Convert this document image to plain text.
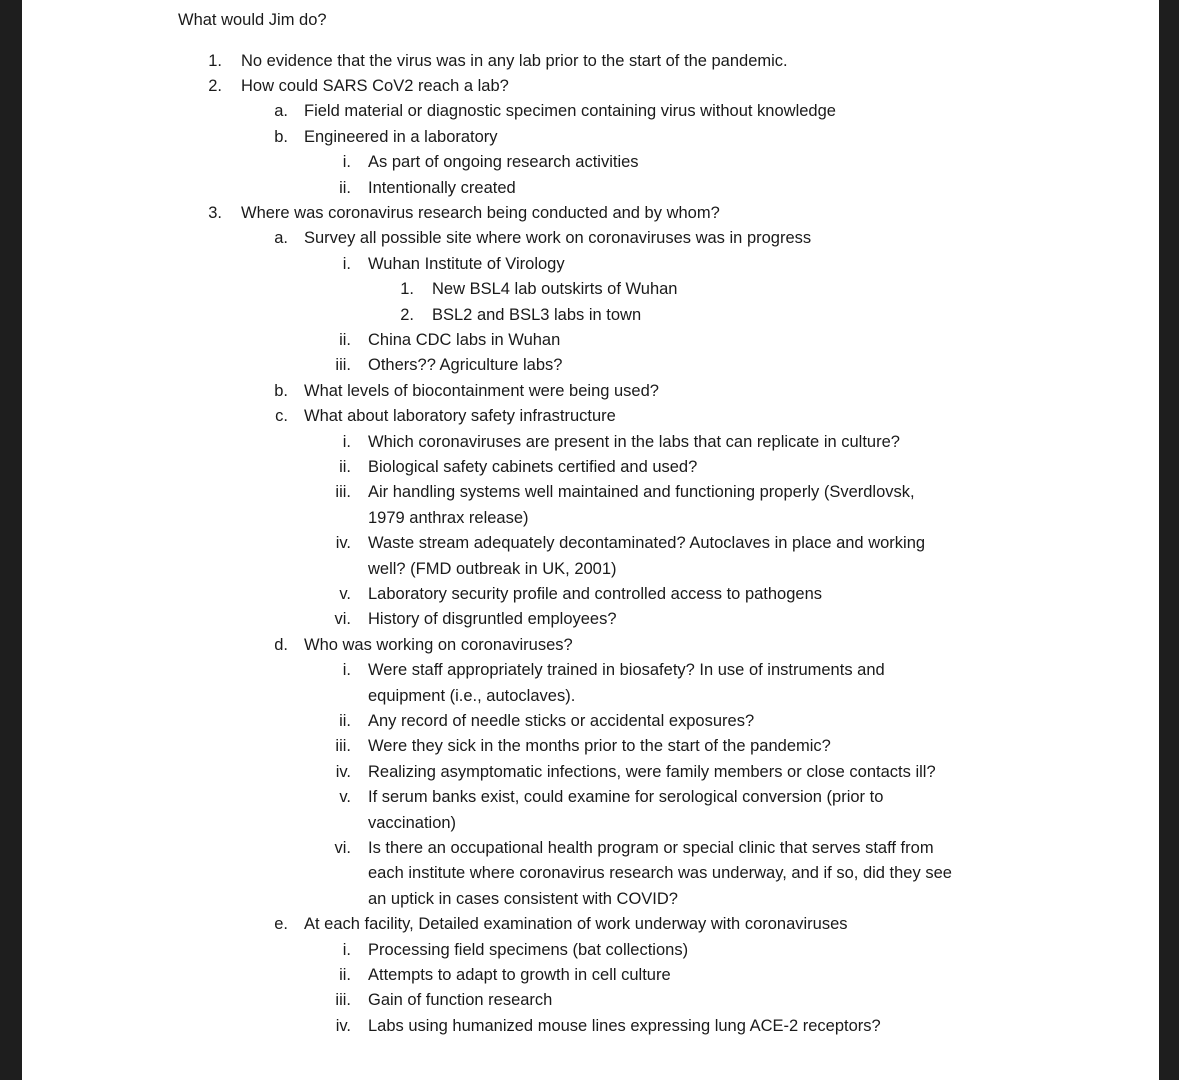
What would Jim do?
1. No evidence that the virus was in any lab prior to the start of the pandemic.
2. How could SARS CoV2 reach a lab?
a. Field material or diagnostic specimen containing virus without knowledge
b. Engineered in a laboratory
i. As part of ongoing research activities
ii. Intentionally created
3. Where was coronavirus research being conducted and by whom?
a. Survey all possible site where work on coronaviruses was in progress
i. Wuhan Institute of Virology
1. New BSL4 lab outskirts of Wuhan
2. BSL2 and BSL3 labs in town
ii. China CDC labs in Wuhan
iii. Others?? Agriculture labs?
b. What levels of biocontainment were being used?
c. What about laboratory safety infrastructure
i. Which coronaviruses are present in the labs that can replicate in culture?
ii. Biological safety cabinets certified and used?
iii. Air handling systems well maintained and functioning properly (Sverdlovsk,
1979 anthrax release)
iv. Waste stream adequately decontaminated? Autoclaves in place and working
well? (FMD outbreak in UK, 2001)
v. Laboratory security profile and controlled access to pathogens
vi. History of disgruntled employees?
d. Who was working on coronaviruses?
i. Were staff appropriately trained in biosafety? In use of instruments and
equipment (i.e., autoclaves).
ii. Any record of needle sticks or accidental exposures?
iii. Were they sick in the months prior to the start of the pandemic?
iv. Realizing asymptomatic infections, were family members or close contacts ill?
v. If serum banks exist, could examine for serological conversion (prior to
vaccination)
vi. Is there an occupational health program or special clinic that serves staff from
each institute where coronavirus research was underway, and if so, did they see
an uptick in cases consistent with COVID?
e. At each facility, Detailed examination of work underway with coronaviruses
i. Processing field specimens (bat collections)
ii. Attempts to adapt to growth in cell culture
iii. Gain of function research
iv. Labs using humanized mouse lines expressing lung ACE-2 receptors?
